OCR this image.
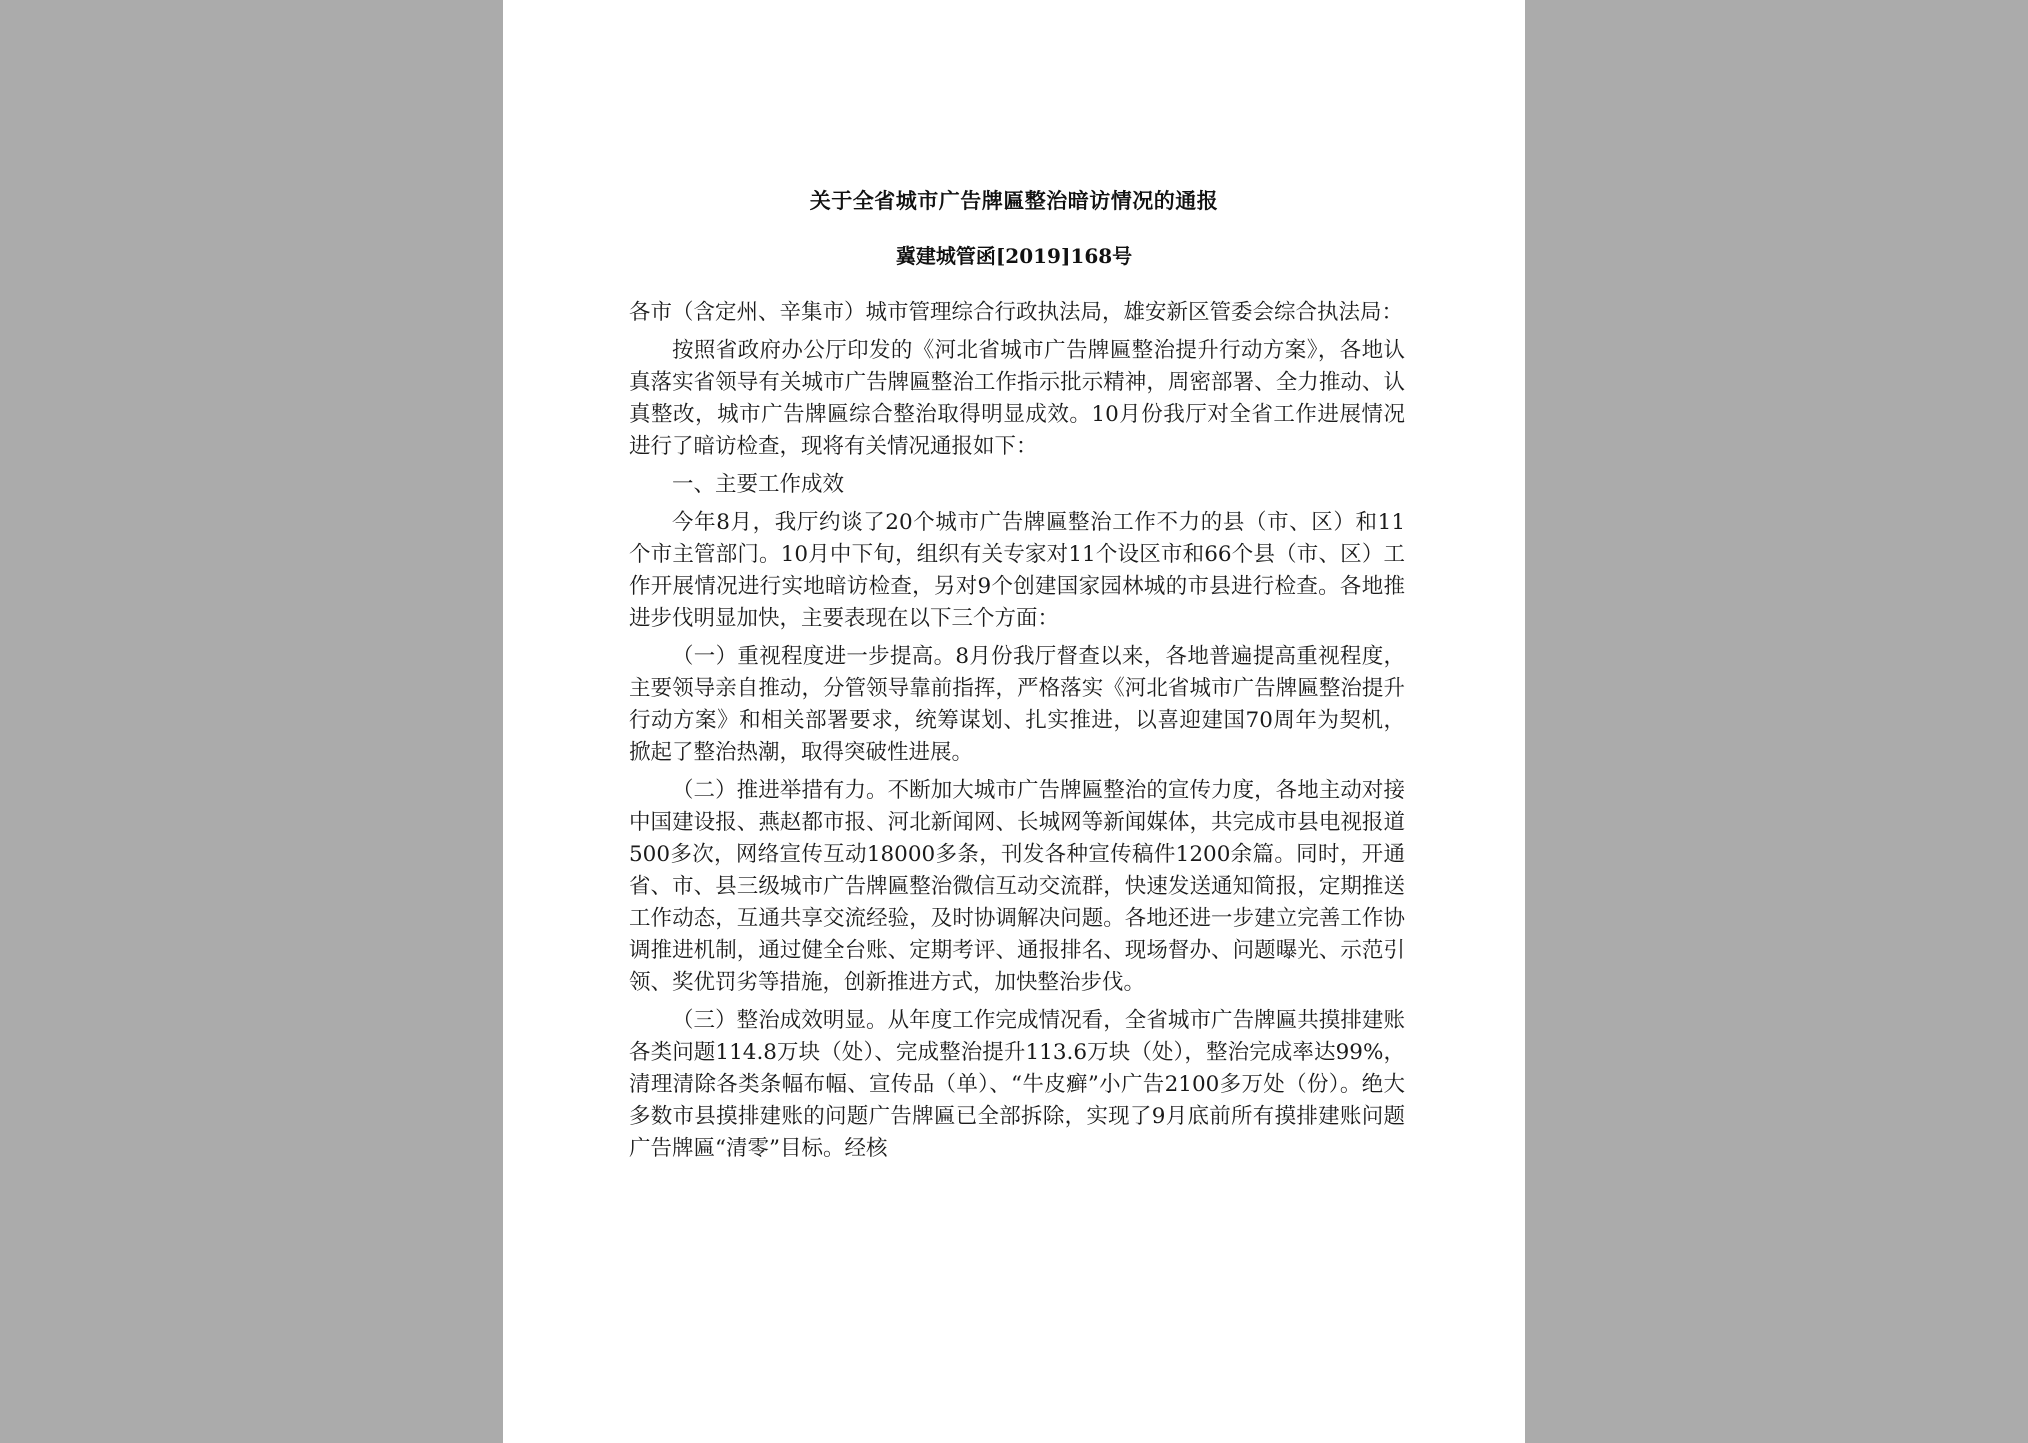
关于全省城市广告牌匾整治暗访情况的通报
冀建城管函[2019]168号

各市（含定州、辛集市）城市管理综合行政执法局，雄安新区管委会综合执法局：

按照省政府办公厅印发的《河北省城市广告牌匾整治提升行动方案》，各地认真落实省领导有关城市广告牌匾整治工作指示批示精神，周密部署、全力推动、认真整改，城市广告牌匾综合整治取得明显成效。10月份我厅对全省工作进展情况进行了暗访检查，现将有关情况通报如下：

一、主要工作成效

今年8月，我厅约谈了20个城市广告牌匾整治工作不力的县（市、区）和11个市主管部门。10月中下旬，组织有关专家对11个设区市和66个县（市、区）工作开展情况进行实地暗访检查，另对9个创建国家园林城的市县进行检查。各地推进步伐明显加快，主要表现在以下三个方面：

（一）重视程度进一步提高。8月份我厅督查以来，各地普遍提高重视程度，主要领导亲自推动，分管领导靠前指挥，严格落实《河北省城市广告牌匾整治提升行动方案》和相关部署要求，统筹谋划、扎实推进，以喜迎建国70周年为契机，掀起了整治热潮，取得突破性进展。

（二）推进举措有力。不断加大城市广告牌匾整治的宣传力度，各地主动对接中国建设报、燕赵都市报、河北新闻网、长城网等新闻媒体，共完成市县电视报道500多次，网络宣传互动18000多条，刊发各种宣传稿件1200余篇。同时，开通省、市、县三级城市广告牌匾整治微信互动交流群，快速发送通知简报，定期推送工作动态，互通共享交流经验，及时协调解决问题。各地还进一步建立完善工作协调推进机制，通过健全台账、定期考评、通报排名、现场督办、问题曝光、示范引领、奖优罚劣等措施，创新推进方式，加快整治步伐。

（三）整治成效明显。从年度工作完成情况看，全省城市广告牌匾共摸排建账各类问题114.8万块（处）、完成整治提升113.6万块（处），整治完成率达99%，清理清除各类条幅布幅、宣传品（单）、“牛皮癣”小广告2100多万处（份）。绝大多数市县摸排建账的问题广告牌匾已全部拆除，实现了9月底前所有摸排建账问题广告牌匾“清零”目标。经核
